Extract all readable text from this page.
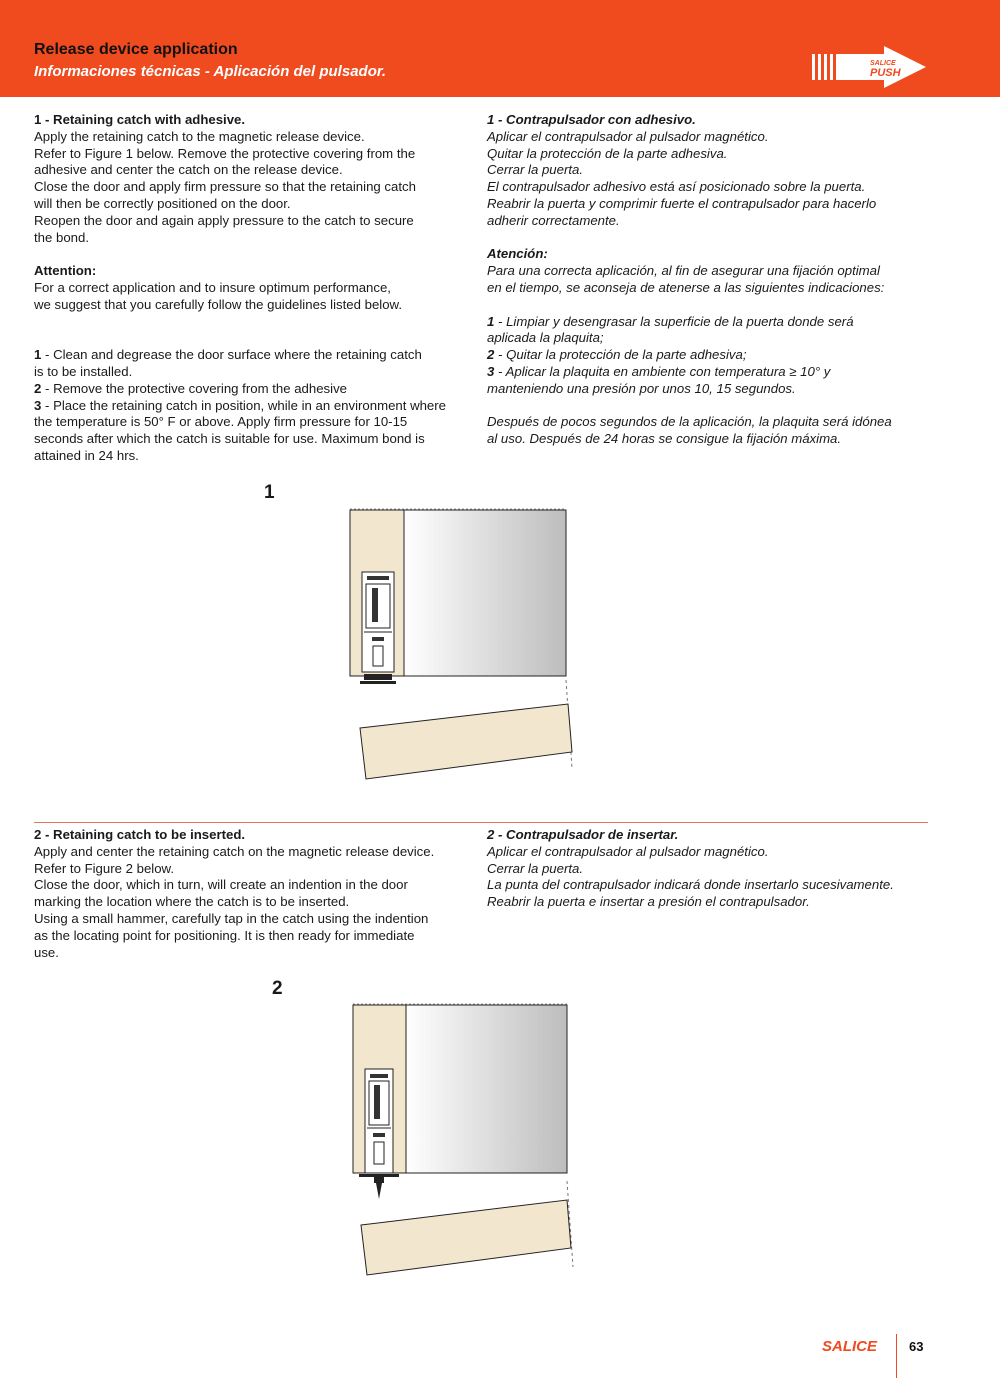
Release device application
Informaciones técnicas - Aplicación del pulsador.	SALICE
PUSH

1 - Retaining catch with adhesive.

Apply the retaining catch to the magnetic release device.

Refer to Figure 1 below. Remove the protective covering from the

adhesive and center the catch on the release device.

Close the door and apply firm pressure so that the retaining catch

will then be correctly positioned on the door.

Reopen the door and again apply pressure to the catch to secure

the bond.

Attention:

For a correct application and to insure optimum performance,

we suggest that you carefully follow the guidelines listed below.

1 - Clean and degrease the door surface where the retaining catch

is to be installed.

2 - Remove the protective covering from the adhesive

3 - Place the retaining catch in position, while in an environment where

the temperature is 50° F or above. Apply firm pressure for 10-15

seconds after which the catch is suitable for use. Maximum bond is

attained in 24 hrs.

1 - Contrapulsador con adhesivo.

Aplicar el contrapulsador al pulsador magnético.

Quitar la protección de la parte adhesiva.

Cerrar la puerta.

El contrapulsador adhesivo está así posicionado sobre la puerta.

Reabrir la puerta y comprimir fuerte el contrapulsador para hacerlo

adherir correctamente.

Atención:

Para una correcta aplicación, al fin de asegurar una fijación optimal

en el tiempo, se aconseja de atenerse a las siguientes indicaciones:

1 - Limpiar y desengrasar la superficie de la puerta donde será

aplicada la plaquita;

2 - Quitar la protección de la parte adhesiva;

3 - Aplicar la plaquita en ambiente con temperatura ≥ 10° y

manteniendo una presión por unos 10, 15 segundos.

Después de pocos segundos de la aplicación, la plaquita será idónea

al uso. Después de 24 horas se consigue la fijación máxima.

1

2 - Retaining catch to be inserted.

Apply and center the retaining catch on the magnetic release device.

Refer to Figure 2 below.

Close the door, which in turn, will create an indention in the door

marking the location where the catch is to be inserted.

Using a small hammer, carefully tap in the catch using the indention

as the locating point for positioning. It is then ready for immediate

use.

2 - Contrapulsador de insertar.

Aplicar el contrapulsador al pulsador magnético.

Cerrar la puerta.

La punta del contrapulsador indicará donde insertarlo sucesivamente.

Reabrir la puerta e insertar a presión el contrapulsador.

2
SALICE 63
